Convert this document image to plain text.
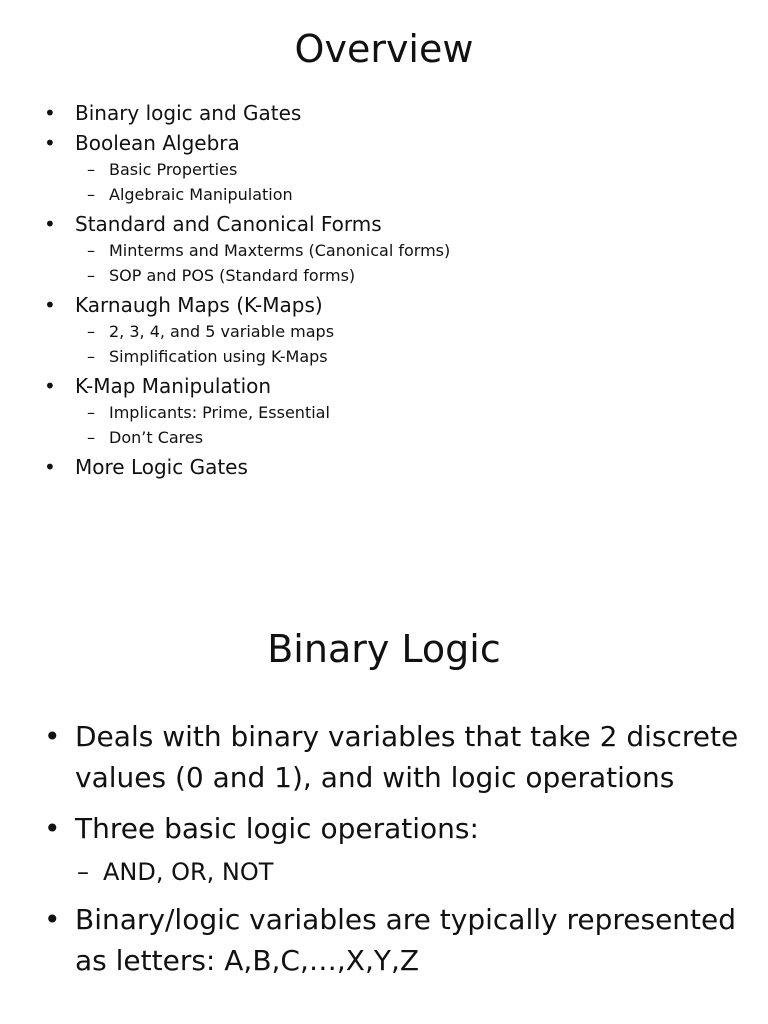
Overview
• Binary logic and Gates
• Boolean Algebra
– Basic Properties
– Algebraic Manipulation
• Standard and Canonical Forms
– Minterms and Maxterms (Canonical forms)
– SOP and POS (Standard forms)
• Karnaugh Maps (K-Maps)
– 2, 3, 4, and 5 variable maps
– Simplification using K-Maps
• K-Map Manipulation
– Implicants: Prime, Essential
– Don’t Cares
• More Logic Gates
Binary Logic
• Deals with binary variables that take 2 discrete values (0 and 1), and with logic operations
• Three basic logic operations:
– AND, OR, NOT
• Binary/logic variables are typically represented as letters: A,B,C,…,X,Y,Z
